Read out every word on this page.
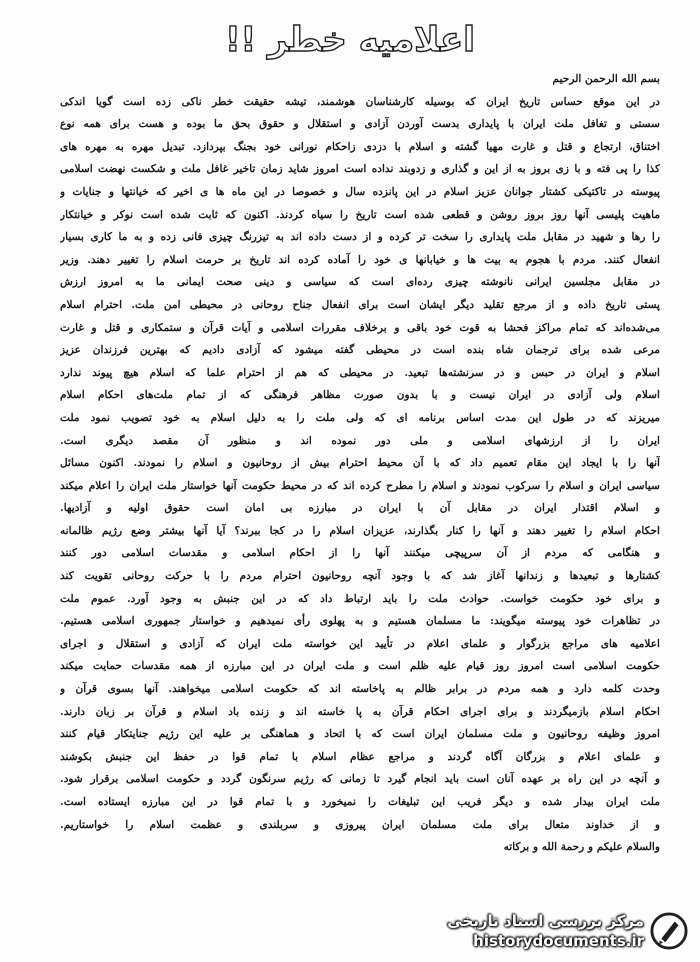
اعلامیه خطر !!
بسم الله الرحمن الرحیم
در این موقع حساس تاریخ ایران که بوسیله کارشناسان هوشمند، تیشه حقیقت خطر ناکی زده است گویا اندکی
سستی و تغافل ملت ایران با پایداری بدست آوردن آزادی و استقلال و حقوق بحق ما بوده و هست برای همه نوع
اختناق، ارتجاع و قتل و غارت مهیا گشته و اسلام با دزدی زاحکام نورانی خود بجنگ بپردازد. تبدیل مهره به مهره های
کذا را پی فته و با زی بروز به از این و گذاری و زدوبند نداده است امروز شاید زمان تاخیر غافل ملت و شکست نهضت اسلامی
پیوسته در تاکتیکی کشتار جوانان عزیز اسلام در این پانزده سال و خصوصا در این ماه ها ی اخیر که خیانتها و جنایات و
ماهیت پلیسی آنها روز بروز روشن و قطعی شده است تاریخ را سیاه کردند. اکنون که ثابت شده است نوکر و خیانتکار
را رها و شهید در مقابل ملت پایداری را سخت تر کرده و از دست داده اند به تیزرنگ چیزی فانی زده و به ما کاری بسیار
انفعال کنند. مردم با هجوم به بیت ها و خیابانها ی خود را آماده کرده اند تاریخ بر حرمت اسلام را تغییر دهند. وزیر
در مقابل مجلسین ایرانی نانوشته چیزی رده‌ای است که سیاسی و دینی صحت ایمانی ما به امروز ارزش
پستی تاریخ داده و از مرجع تقلید دیگر ایشان است برای انفعال جناح روحانی در محیطی امن ملت. احترام اسلام
می‌شده‌اند که تمام مراکز فحشا به قوت خود باقی و برخلاف مقررات اسلامی و آیات قرآن و ستمکاری و قتل و غارت
مرعی شده برای ترجمان شاه بنده است در محیطی گفته میشود که آزادی دادیم که بهترین فرزندان عزیز
اسلام و ایران در حبس و در سرنشته‌ها تبعید. در محیطی که هم از احترام علما که اسلام هیچ پیوند ندارد
اسلام ولی آزادی در ایران نیست و با بدون صورت مظاهر فرهنگی که از تمام ملت‌های احکام اسلام
میریزند که در طول این مدت اساس برنامه ای که ولی ملت را به دلیل اسلام به خود تصویب نمود ملت
ایران را از ارزشهای اسلامی و ملی دور نموده اند و منظور آن مقصد دیگری است.
آنها را با ایجاد این مقام تعمیم داد که با آن محیط احترام بیش از روحانیون و اسلام را نمودند. اکنون مسائل
سیاسی ایران و اسلام را سرکوب نمودند و اسلام را مطرح کرده اند که در محیط حکومت آنها خواستار ملت ایران را اعلام میکند
و اسلام اقتدار ایران در مقابل آن با ایران در مبارزه بی امان است حقوق اولیه و آزادیها.
احکام اسلام را تغییر دهند و آنها را کنار بگذارند، عزیزان اسلام را در کجا ببرند؟ آیا آنها بیشتر وضع رژیم ظالمانه
و هنگامی که مردم از آن سرپیچی میکنند آنها را از احکام اسلامی و مقدسات اسلامی دور کنند
کشتارها و تبعیدها و زندانها آغاز شد که با وجود آنچه روحانیون احترام مردم را با حرکت روحانی تقویت کند
و برای خود حکومت خواست. حوادث ملت را باید ارتباط داد که در این جنبش به وجود آورد. عموم ملت
در تظاهرات خود پیوسته میگویند: ما مسلمان هستیم و به پهلوی رأی نمیدهیم و خواستار جمهوری اسلامی هستیم.
اعلامیه های مراجع بزرگوار و علمای اعلام در تأیید این خواسته ملت ایران که آزادی و استقلال و اجرای
حکومت اسلامی است امروز روز قیام علیه ظلم است و ملت ایران در این مبارزه از همه مقدسات حمایت میکند
وحدت کلمه دارد و همه مردم در برابر ظالم به پاخاسته اند که حکومت اسلامی میخواهند. آنها بسوی قرآن و
احکام اسلام بازمیگردند و برای اجرای احکام قرآن به پا خاسته اند و زنده باد اسلام و قرآن بر زبان دارند.
امروز وظیفه روحانیون و ملت مسلمان ایران است که با اتحاد و هماهنگی بر علیه این رژیم جنایتکار قیام کنند
و علمای اعلام و بزرگان آگاه گردند و مراجع عظام اسلام با تمام قوا در حفظ این جنبش بکوشند
و آنچه در این راه بر عهده آنان است باید انجام گیرد تا زمانی که رژیم سرنگون گردد و حکومت اسلامی برقرار شود.
ملت ایران بیدار شده و دیگر فریب این تبلیغات را نمیخورد و با تمام قوا در این مبارزه ایستاده است.
و از خداوند متعال برای ملت مسلمان ایران پیروزی و سربلندی و عظمت اسلام را خواستاریم.
والسلام علیکم و رحمة الله و برکاته
مرکز بررسی اسناد تاریخی
historydocuments.ir
